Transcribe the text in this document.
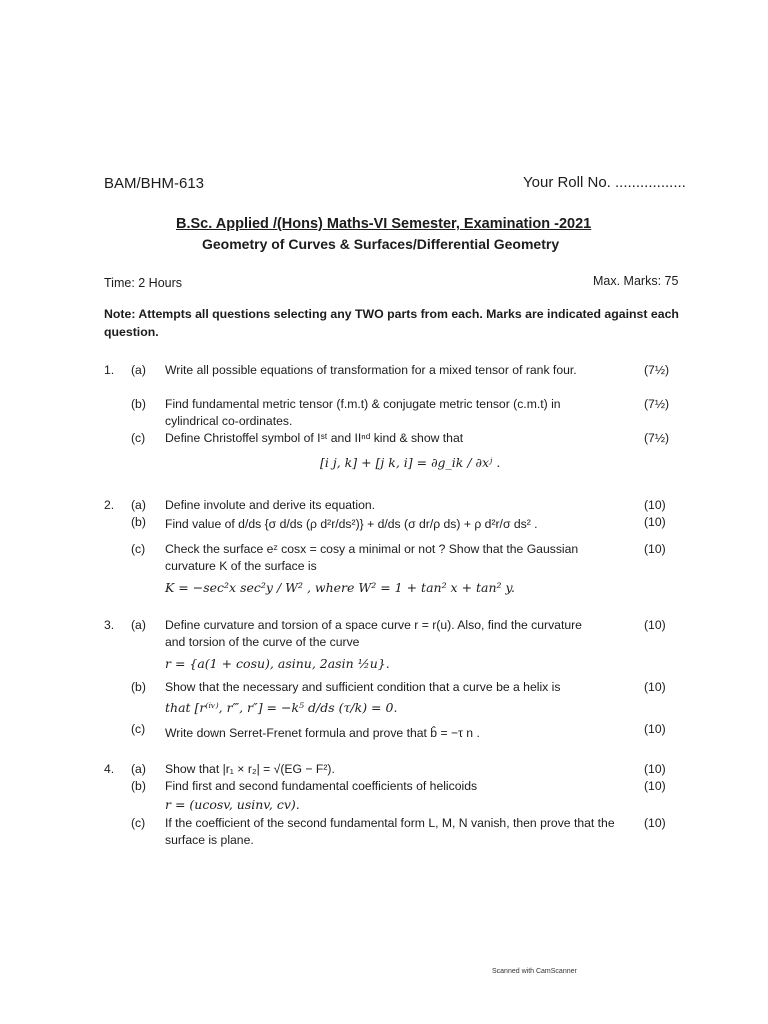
BAM/BHM-613	Your Roll No. .................
B.Sc. Applied /(Hons) Maths-VI Semester, Examination -2021
Geometry of Curves & Surfaces/Differential Geometry
Time: 2 Hours	Max. Marks: 75
Note: Attempts all questions selecting any TWO parts from each. Marks are indicated against each question.
1. (a) Write all possible equations of transformation for a mixed tensor of rank four.	(7½)
(b) Find fundamental metric tensor (f.m.t) & conjugate metric tensor (c.m.t) in cylindrical co-ordinates.
(7½)
(c) Define Christoffel symbol of Iˢᵗ and IIⁿᵈ kind & show that	(7½)
[i j, k] + [j k, i] = ∂g_ik / ∂xʲ .
2. (a) Define involute and derive its equation.	(10)
(b) Find value of d/ds {σ d/ds (ρ d²r/ds²)} + d/ds (σ dr/ρ ds) + ρ d²r/σ ds² .	(10)
(c) Check the surface eᶻ cosx = cosy a minimal or not ? Show that the Gaussian curvature K of the surface is
(10)
K = −sec²x sec²y / W² , where W² = 1 + tan² x + tan² y.
3. (a) Define curvature and torsion of a space curve r = r(u). Also, find the curvature and torsion of the curve of the curve
(10)
r = {a(1 + cosu), asinu, 2asin ½u}.
(b) Show that the necessary and sufficient condition that a curve be a helix is	(10)
that [r⁽ⁱᵛ⁾, r‴, r″] = −k⁵ d/ds (τ/k) = 0.
(c) Write down Serret-Frenet formula and prove that b̂ = −τ n .	(10)
4. (a) Show that |r₁ × r₂| = √(EG − F²).	(10)
(b) Find first and second fundamental coefficients of helicoids	(10)
r = (ucosv, usinv, cv).
(c) If the coefficient of the second fundamental form L, M, N vanish, then prove that the surface is plane.
(10)
Scanned with CamScanner
